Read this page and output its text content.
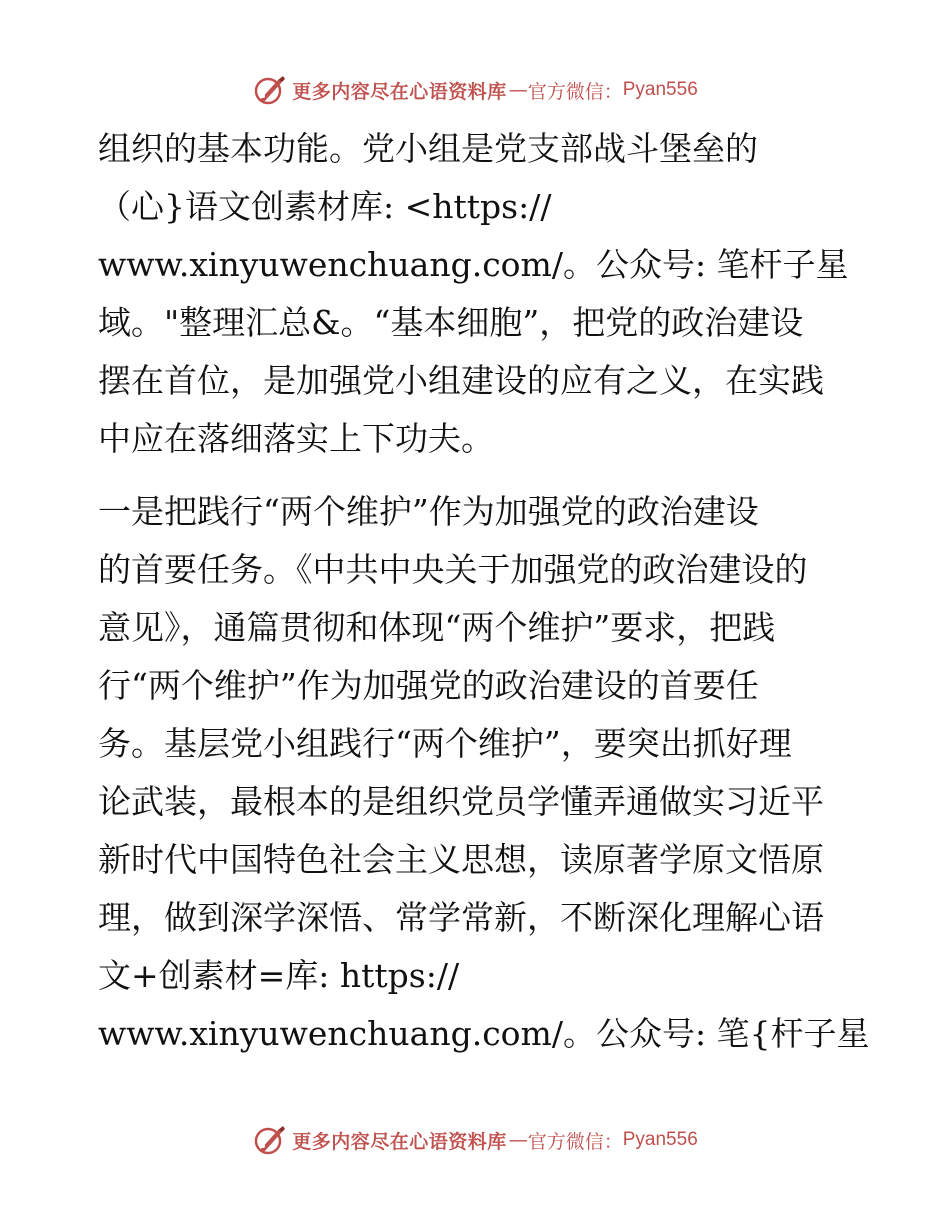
更多内容尽在心语资料库 — 官方微信： Pyan556
组织的基本功能。党小组是党支部战斗堡垒的
（心}语文创素材库: <https://
www.xinyuwenchuang.com/。公众号: 笔杆子星
域。"整理汇总&。“基本细胞”，把党的政治建设
摆在首位，是加强党小组建设的应有之义，在实践
中应在落细落实上下功夫。
一是把践行“两个维护”作为加强党的政治建设
的首要任务。《中共中央关于加强党的政治建设的
意见》，通篇贯彻和体现“两个维护”要求，把践
行“两个维护”作为加强党的政治建设的首要任
务。基层党小组践行“两个维护”，要突出抓好理
论武装，最根本的是组织党员学懂弄通做实习近平
新时代中国特色社会主义思想，读原著学原文悟原
理，做到深学深悟、常学常新，不断深化理解心语
文+创素材=库: https://
www.xinyuwenchuang.com/。公众号: 笔{杆子星
更多内容尽在心语资料库 — 官方微信： Pyan556
